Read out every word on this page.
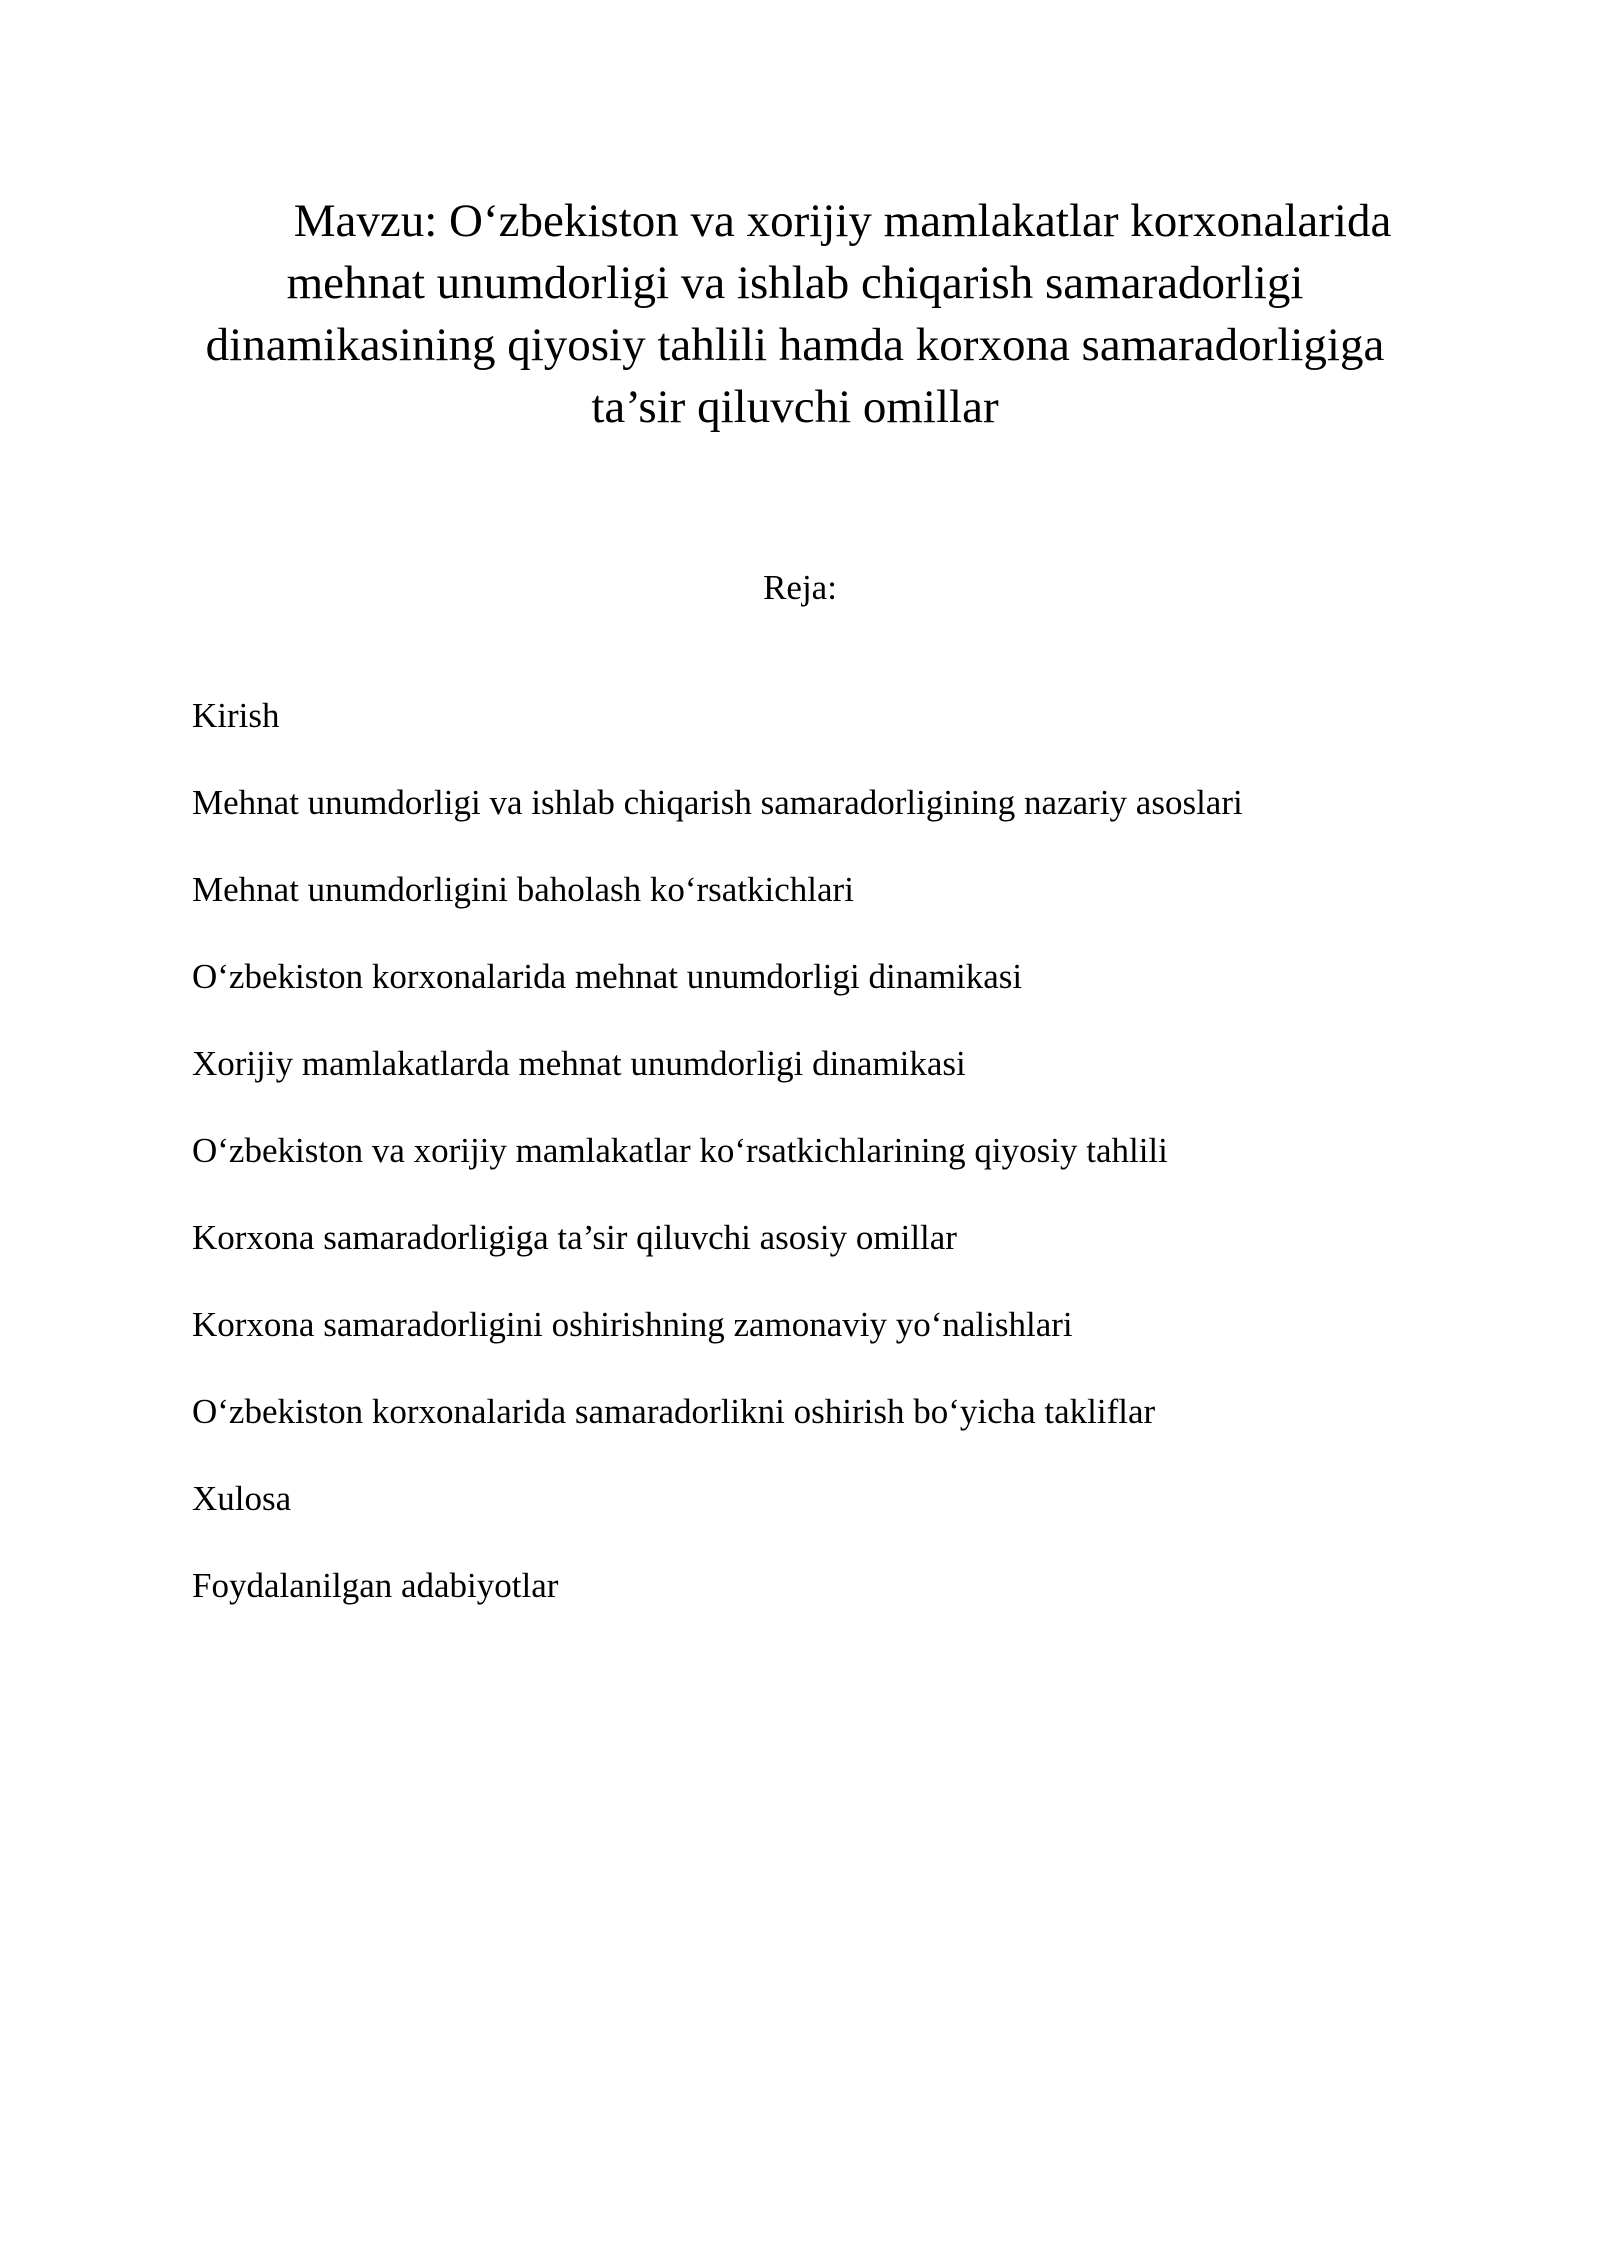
Mavzu: O‘zbekiston va xorijiy mamlakatlar korxonalarida
mehnat unumdorligi va ishlab chiqarish samaradorligi
dinamikasining qiyosiy tahlili hamda korxona samaradorligiga
ta’sir qiluvchi omillar
Reja:
Kirish
Mehnat unumdorligi va ishlab chiqarish samaradorligining nazariy asoslari
Mehnat unumdorligini baholash ko‘rsatkichlari
O‘zbekiston korxonalarida mehnat unumdorligi dinamikasi
Xorijiy mamlakatlarda mehnat unumdorligi dinamikasi
O‘zbekiston va xorijiy mamlakatlar ko‘rsatkichlarining qiyosiy tahlili
Korxona samaradorligiga ta’sir qiluvchi asosiy omillar
Korxona samaradorligini oshirishning zamonaviy yo‘nalishlari
O‘zbekiston korxonalarida samaradorlikni oshirish bo‘yicha takliflar
Xulosa
Foydalanilgan adabiyotlar
